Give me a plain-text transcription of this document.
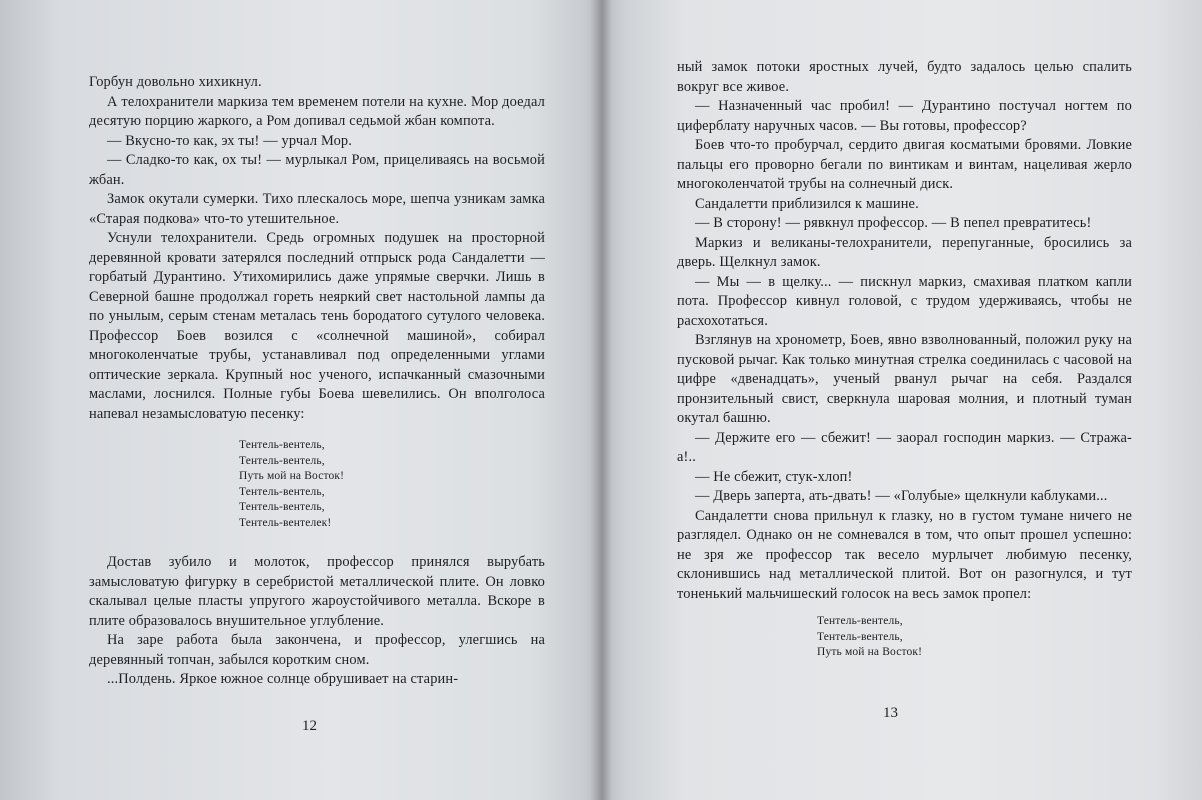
Горбун довольно хихикнул.

А телохранители маркиза тем временем потели на кухне. Мор доедал десятую порцию жаркого, а Ром допивал седьмой жбан компота.

— Вкусно-то как, эх ты! — урчал Мор.

— Сладко-то как, ох ты! — мурлыкал Ром, прицеливаясь на восьмой жбан.

Замок окутали сумерки. Тихо плескалось море, шепча узникам замка «Старая подкова» что-то утешительное.

Уснули телохранители. Средь огромных подушек на просторной деревянной кровати затерялся последний отпрыск рода Сандалетти — горбатый Дурантино. Утихомирились даже упрямые сверчки. Лишь в Северной башне продолжал гореть неяркий свет настольной лампы да по унылым, серым стенам металась тень бородатого сутулого человека. Профессор Боев возился с «солнечной машиной», собирал многоколенчатые трубы, устанавливал под определенными углами оптические зеркала. Крупный нос ученого, испачканный смазочными маслами, лоснился. Полные губы Боева шевелились. Он вполголоса напевал незамысловатую песенку:

Тентель-вентель,
Тентель-вентель,
Путь мой на Восток!
Тентель-вентель,
Тентель-вентель,
Тентель-вентелек!

Достав зубило и молоток, профессор принялся вырубать замысловатую фигурку в серебристой металлической плите. Он ловко скалывал целые пласты упругого жароустойчивого металла. Вскоре в плите образовалось внушительное углубление.

На заре работа была закончена, и профессор, улегшись на деревянный топчан, забылся коротким сном.

...Полдень. Яркое южное солнце обрушивает на старин-

12

ный замок потоки яростных лучей, будто задалось целью спалить вокруг все живое.

— Назначенный час пробил! — Дурантино постучал ногтем по циферблату наручных часов. — Вы готовы, профессор?

Боев что-то пробурчал, сердито двигая косматыми бровями. Ловкие пальцы его проворно бегали по винтикам и винтам, нацеливая жерло многоколенчатой трубы на солнечный диск.

Сандалетти приблизился к машине.

— В сторону! — рявкнул профессор. — В пепел превратитесь!

Маркиз и великаны-телохранители, перепуганные, бросились за дверь. Щелкнул замок.

— Мы — в щелку... — пискнул маркиз, смахивая платком капли пота. Профессор кивнул головой, с трудом удерживаясь, чтобы не расхохотаться.

Взглянув на хронометр, Боев, явно взволнованный, положил руку на пусковой рычаг. Как только минутная стрелка соединилась с часовой на цифре «двенадцать», ученый рванул рычаг на себя. Раздался пронзительный свист, сверкнула шаровая молния, и плотный туман окутал башню.

— Держите его — сбежит! — заорал господин маркиз. — Стража-а!..

— Не сбежит, стук-хлоп!

— Дверь заперта, ать-двать! — «Голубые» щелкнули каблуками...

Сандалетти снова прильнул к глазку, но в густом тумане ничего не разглядел. Однако он не сомневался в том, что опыт прошел успешно: не зря же профессор так весело мурлычет любимую песенку, склонившись над металлической плитой. Вот он разогнулся, и тут тоненький мальчишеский голосок на весь замок пропел:

Тентель-вентель,
Тентель-вентель,
Путь мой на Восток!
13
